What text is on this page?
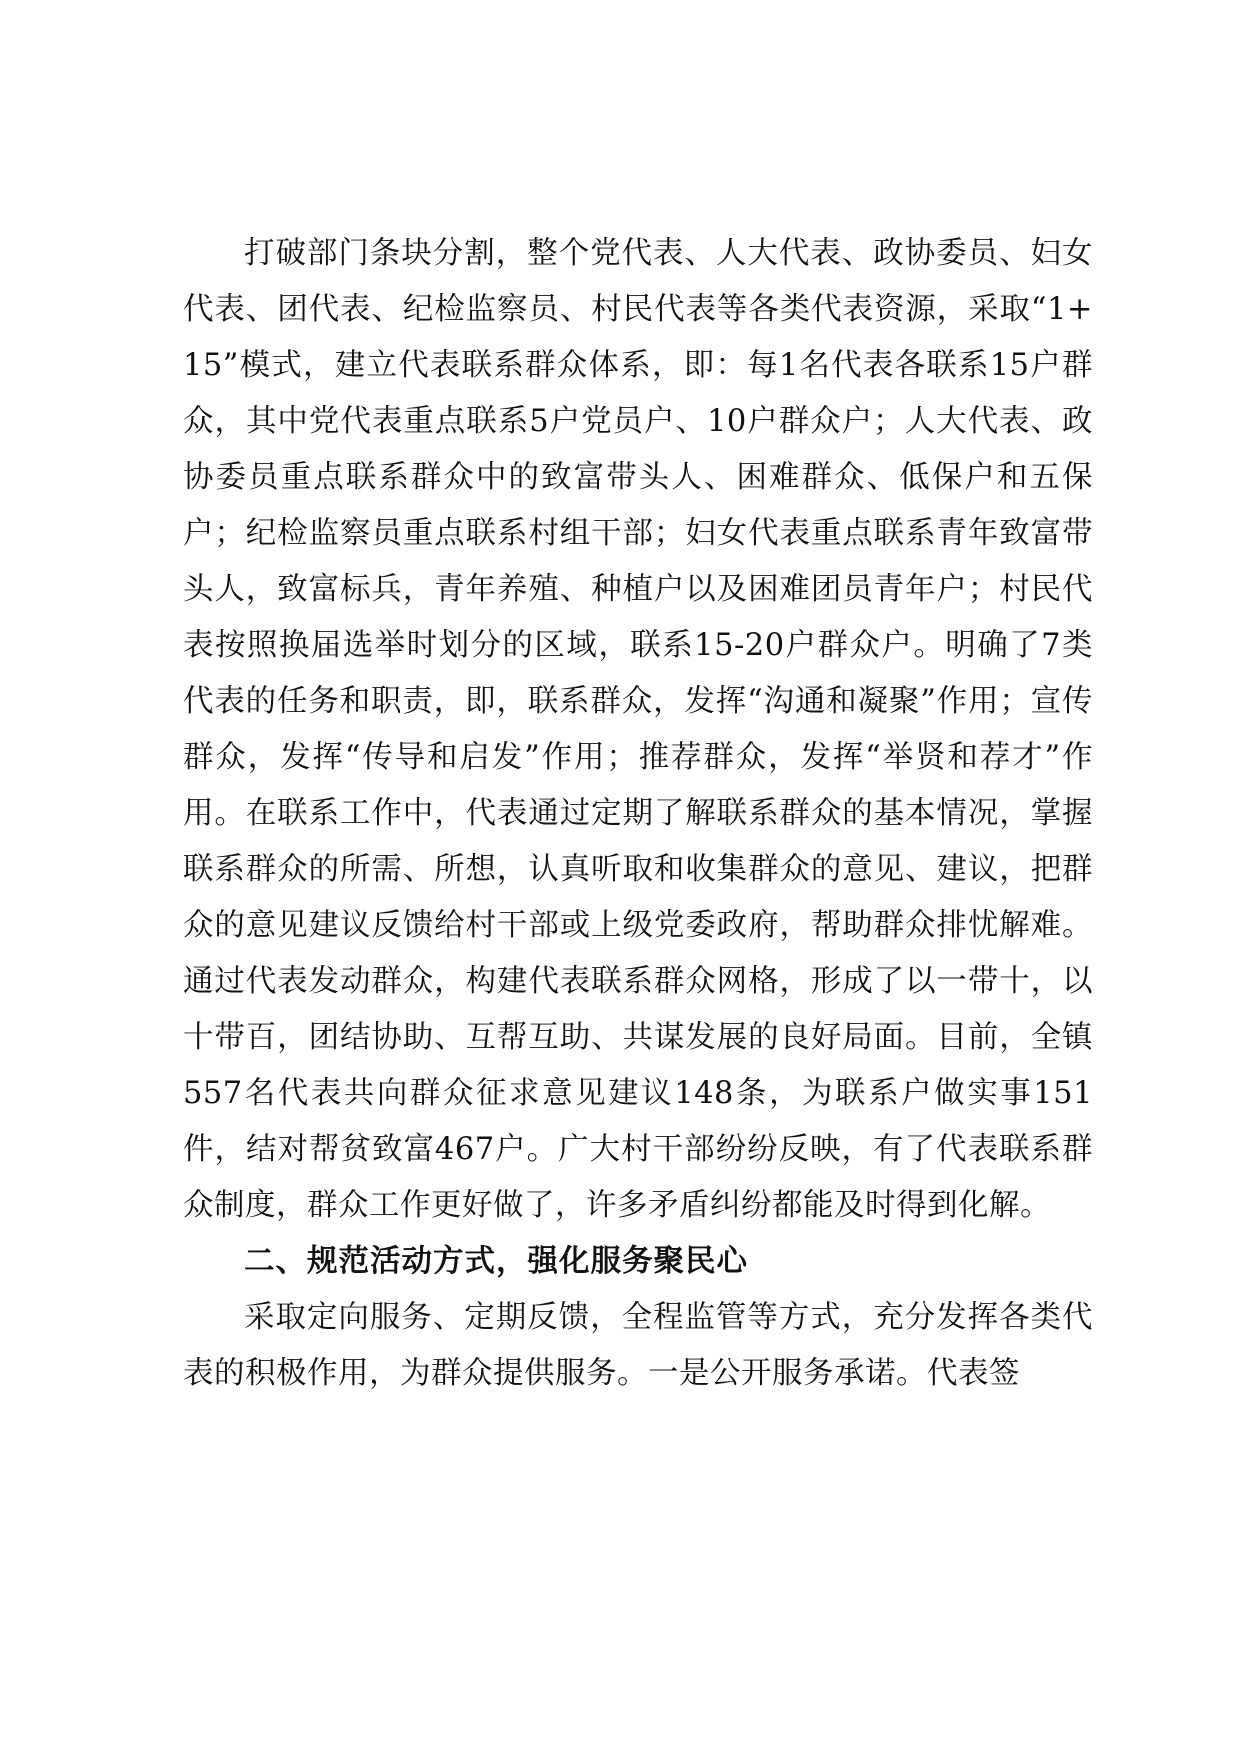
打破部门条块分割，整个党代表、人大代表、政协委员、妇女代表、团代表、纪检监察员、村民代表等各类代表资源，采取“1+15”模式，建立代表联系群众体系，即：每1名代表各联系15户群众，其中党代表重点联系5户党员户、10户群众户；人大代表、政协委员重点联系群众中的致富带头人、困难群众、低保户和五保户；纪检监察员重点联系村组干部；妇女代表重点联系青年致富带头人，致富标兵，青年养殖、种植户以及困难团员青年户；村民代表按照换届选举时划分的区域，联系15-20户群众户。明确了7类代表的任务和职责，即，联系群众，发挥“沟通和凝聚”作用；宣传群众，发挥“传导和启发”作用；推荐群众，发挥“举贤和荐才”作用。在联系工作中，代表通过定期了解联系群众的基本情况，掌握联系群众的所需、所想，认真听取和收集群众的意见、建议，把群众的意见建议反馈给村干部或上级党委政府，帮助群众排忧解难。通过代表发动群众，构建代表联系群众网格，形成了以一带十，以十带百，团结协助、互帮互助、共谋发展的良好局面。目前，全镇557名代表共向群众征求意见建议148条，为联系户做实事151件，结对帮贫致富467户。广大村干部纷纷反映，有了代表联系群众制度，群众工作更好做了，许多矛盾纠纷都能及时得到化解。

二、规范活动方式，强化服务聚民心

采取定向服务、定期反馈，全程监管等方式，充分发挥各类代表的积极作用，为群众提供服务。一是公开服务承诺。代表签
